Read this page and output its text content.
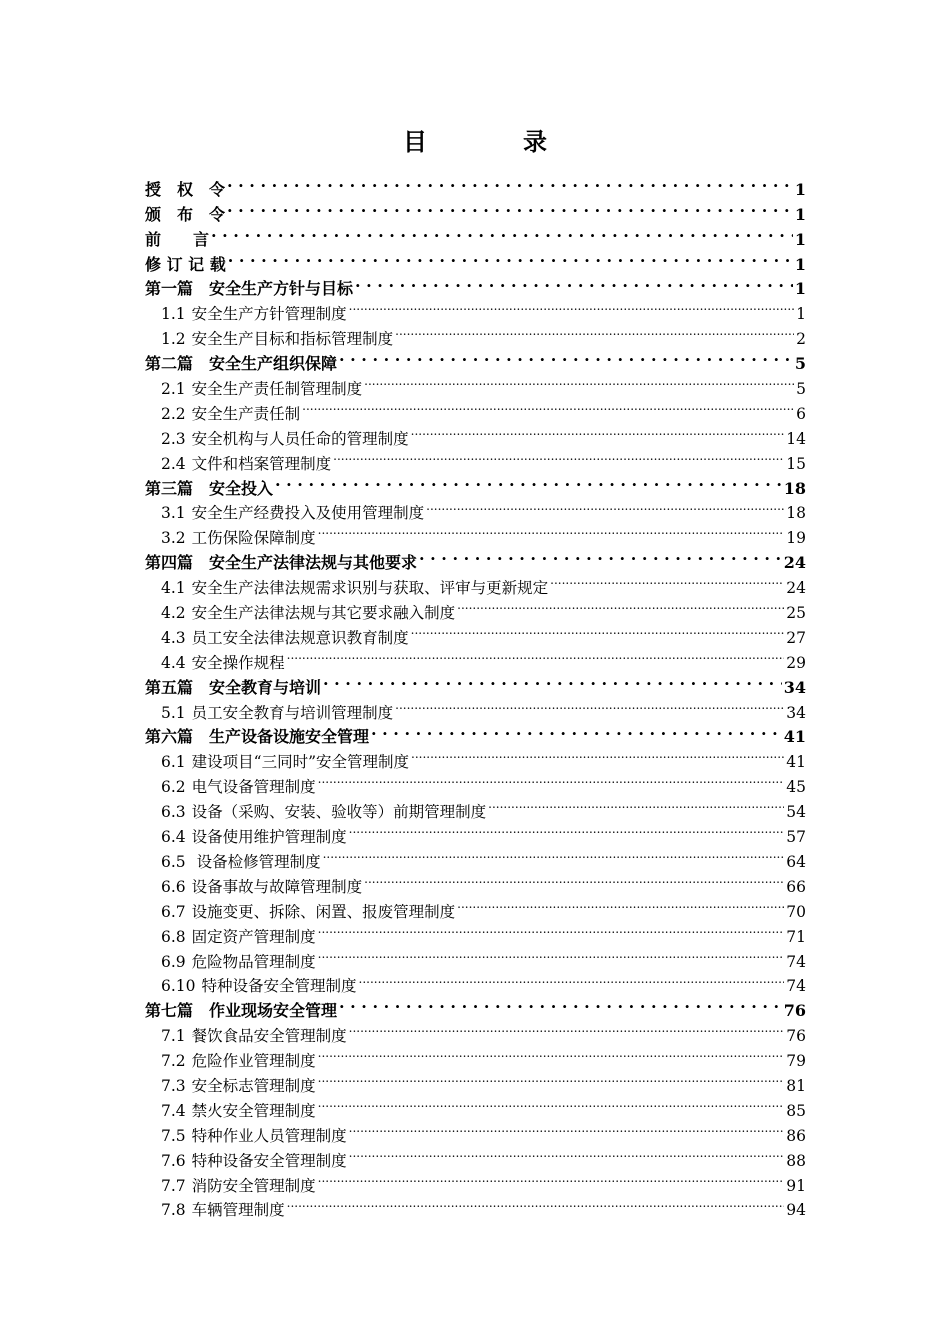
目　录
授　权　令 . . .	1
颁　布　令 . . .	1
前　　言 . . .	1
修 订 记 载 . . .	1
第一篇　安全生产方针与目标 . . .	1
1.1 安全生产方针管理制度 .....	1
1.2 安全生产目标和指标管理制度 .....	2
第二篇　安全生产组织保障 . . .	5
2.1 安全生产责任制管理制度 .....	5
2.2 安全生产责任制 .....	6
2.3 安全机构与人员任命的管理制度 .....	14
2.4 文件和档案管理制度 .....	15
第三篇　安全投入 . . .	18
3.1 安全生产经费投入及使用管理制度 .....	18
3.2 工伤保险保障制度 .....	19
第四篇　安全生产法律法规与其他要求 . . .	24
4.1 安全生产法律法规需求识别与获取、评审与更新规定 .....	24
4.2 安全生产法律法规与其它要求融入制度 .....	25
4.3 员工安全法律法规意识教育制度 .....	27
4.4 安全操作规程 .....	29
第五篇　安全教育与培训 . . .	34
5.1 员工安全教育与培训管理制度 .....	34
第六篇　生产设备设施安全管理 . . .	41
6.1 建设项目“三同时”安全管理制度 .....	41
6.2 电气设备管理制度 .....	45
6.3 设备（采购、安装、验收等）前期管理制度 .....	54
6.4 设备使用维护管理制度 .....	57
6.5 设备检修管理制度 .....	64
6.6 设备事故与故障管理制度 .....	66
6.7 设施变更、拆除、闲置、报废管理制度 .....	70
6.8 固定资产管理制度 .....	71
6.9 危险物品管理制度 .....	74
6.10 特种设备安全管理制度 .....	74
第七篇　作业现场安全管理 . . .	76
7.1 餐饮食品安全管理制度 .....	76
7.2 危险作业管理制度 .....	79
7.3 安全标志管理制度 .....	81
7.4 禁火安全管理制度 .....	85
7.5 特种作业人员管理制度 .....	86
7.6 特种设备安全管理制度 .....	88
7.7 消防安全管理制度 .....	91
7.8 车辆管理制度 .....	94
